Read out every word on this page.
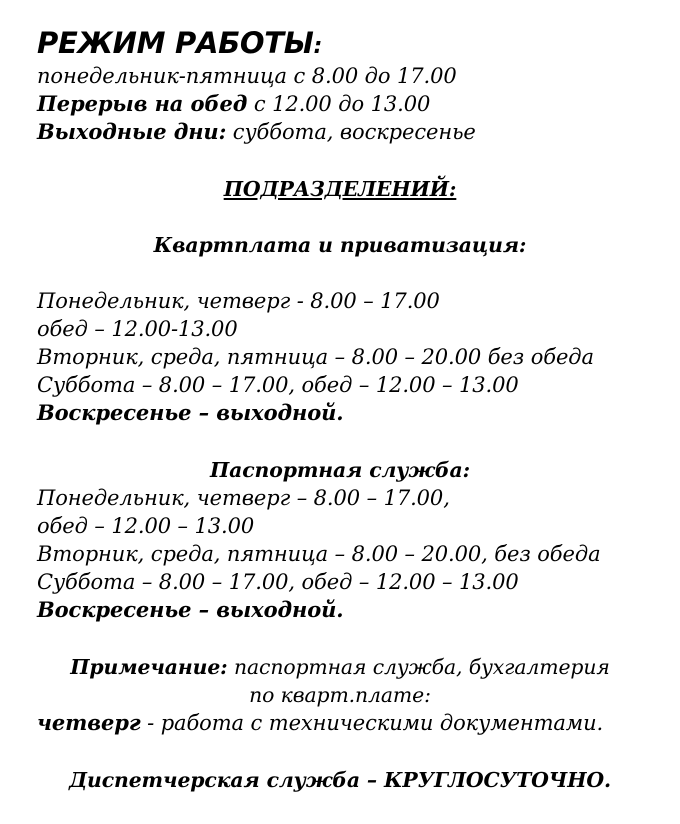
РЕЖИМ РАБОТЫ:
понедельник-пятница с 8.00 до 17.00
Перерыв на обед с 12.00 до 13.00
Выходные дни: суббота, воскресенье
ПОДРАЗДЕЛЕНИЙ:
Квартплата и приватизация:
Понедельник, четверг - 8.00 – 17.00
обед – 12.00-13.00
Вторник, среда, пятница – 8.00 – 20.00 без обеда
Суббота – 8.00 – 17.00, обед – 12.00 – 13.00
Воскресенье – выходной.
Паспортная служба:
Понедельник, четверг – 8.00 – 17.00,
обед – 12.00 – 13.00
Вторник, среда, пятница – 8.00 – 20.00, без обеда
Суббота – 8.00 – 17.00, обед – 12.00 – 13.00
Воскресенье – выходной.
Примечание: паспортная служба, бухгалтерия
по кварт.плате:
четверг - работа с техническими документами.
Диспетчерская служба – КРУГЛОСУТОЧНО.
